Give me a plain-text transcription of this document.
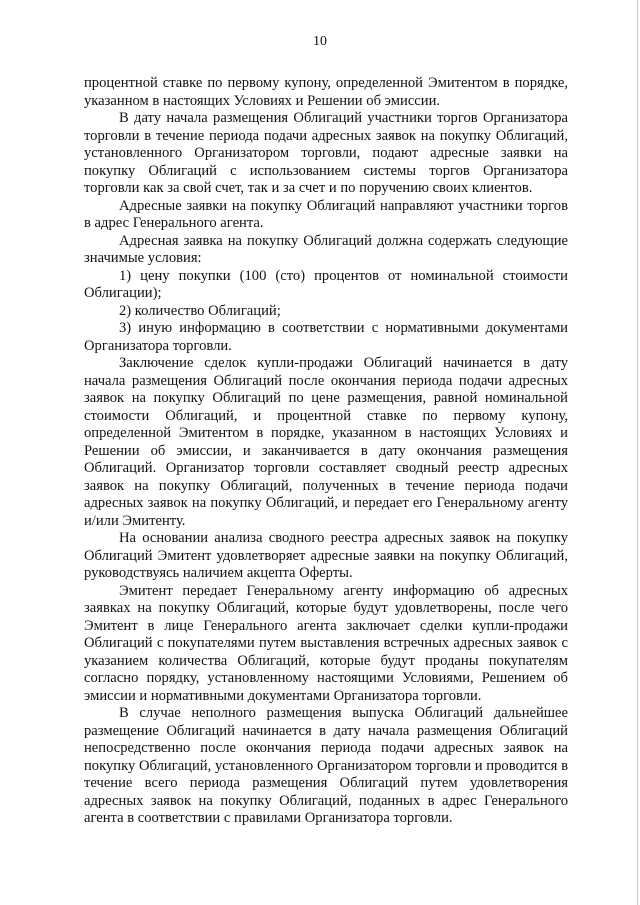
10

процентной ставке по первому купону, определенной Эмитентом в порядке, указанном в настоящих Условиях и Решении об эмиссии.

В дату начала размещения Облигаций участники торгов Организатора торговли в течение периода подачи адресных заявок на покупку Облигаций, установленного Организатором торговли, подают адресные заявки на покупку Облигаций с использованием системы торгов Организатора торговли как за свой счет, так и за счет и по поручению своих клиентов.

Адресные заявки на покупку Облигаций направляют участники торгов в адрес Генерального агента.

Адресная заявка на покупку Облигаций должна содержать следующие значимые условия:

1) цену покупки (100 (сто) процентов от номинальной стоимости Облигации);

2) количество Облигаций;

3) иную информацию в соответствии с нормативными документами Организатора торговли.

Заключение сделок купли-продажи Облигаций начинается в дату начала размещения Облигаций после окончания периода подачи адресных заявок на покупку Облигаций по цене размещения, равной номинальной стоимости Облигаций, и процентной ставке по первому купону, определенной Эмитентом в порядке, указанном в настоящих Условиях и Решении об эмиссии, и заканчивается в дату окончания размещения Облигаций. Организатор торговли составляет сводный реестр адресных заявок на покупку Облигаций, полученных в течение периода подачи адресных заявок на покупку Облигаций, и передает его Генеральному агенту и/или Эмитенту.

На основании анализа сводного реестра адресных заявок на покупку Облигаций Эмитент удовлетворяет адресные заявки на покупку Облигаций, руководствуясь наличием акцепта Оферты.

Эмитент передает Генеральному агенту информацию об адресных заявках на покупку Облигаций, которые будут удовлетворены, после чего Эмитент в лице Генерального агента заключает сделки купли-продажи Облигаций с покупателями путем выставления встречных адресных заявок с указанием количества Облигаций, которые будут проданы покупателям согласно порядку, установленному настоящими Условиями, Решением об эмиссии и нормативными документами Организатора торговли.

В случае неполного размещения выпуска Облигаций дальнейшее размещение Облигаций начинается в дату начала размещения Облигаций непосредственно после окончания периода подачи адресных заявок на покупку Облигаций, установленного Организатором торговли и проводится в течение всего периода размещения Облигаций путем удовлетворения адресных заявок на покупку Облигаций, поданных в адрес Генерального агента в соответствии с правилами Организатора торговли.
